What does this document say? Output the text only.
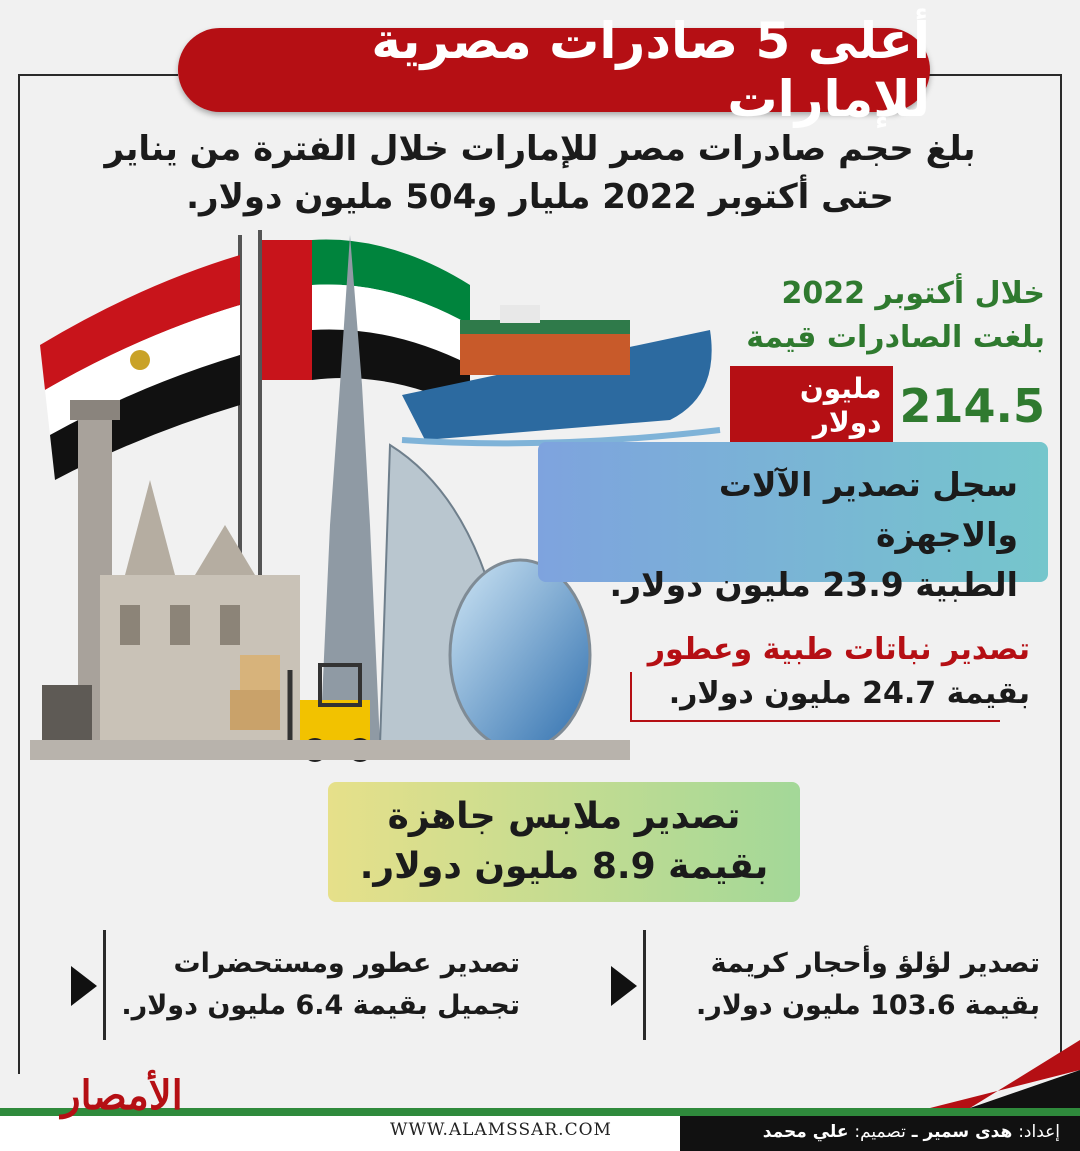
أعلى 5 صادرات مصرية للإمارات
بلغ حجم صادرات مصر للإمارات خلال الفترة من يناير
حتى أكتوبر 2022 مليار و504 مليون دولار.
خلال أكتوبر 2022
بلغت الصادرات قيمة
214.5
مليون دولار
سجل تصدير الآلات والاجهزة
الطبية 23.9 مليون دولار.
تصدير نباتات طبية وعطور
بقيمة 24.7 مليون دولار.
تصدير ملابس جاهزة
بقيمة 8.9 مليون دولار.
تصدير لؤلؤ وأحجار كريمة
بقيمة 103.6 مليون دولار.
تصدير عطور ومستحضرات
تجميل بقيمة 6.4 مليون دولار.
الأمصار
WWW.ALAMSSAR.COM	إعداد: هدى سمير ـ تصميم: علي محمد
